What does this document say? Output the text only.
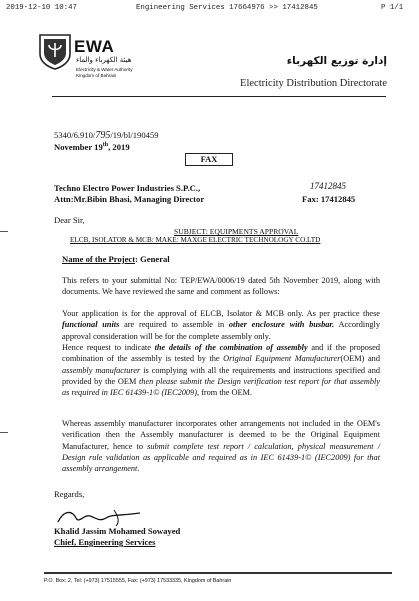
2019-12-10 10:47	Engineering Services 17664976 >> 17412845	P 1/1
EWA
هيئة الكهرباء والماء
Electricity & Water Authority
Kingdom of Bahrain
إدارة توزيع الكهرباء
Electricity Distribution Directorate
5340/6.910/795/19/bl/190459
November 19th, 2019
FAX
Techno Electro Power Industries S.P.C.,
Attn:Mr.Bibin Bhasi, Managing Director
17412845
Fax: 17412845
Dear Sir,
SUBJECT: EQUIPMENTS APPROVAL
ELCB, ISOLATOR & MCB: MAKE: MAXGE ELECTRIC TECHNOLOGY CO.LTD
Name of the Project: General

This refers to your submittal No: TEP/EWA/0006/19 dated 5th November 2019, along with documents. We have reviewed the same and comment as follows:

Your application is for the approval of ELCB, Isolator & MCB only. As per practice these functional units are required to assemble in other enclosure with busbar. Accordingly approval consideration will be for the complete assembly only.

Hence request to indicate the details of the combination of assembly and if the proposed combination of the assembly is tested by the Original Equipment Manufacturer(OEM) and assembly manufacturer is complying with all the requirements and instructions specified and provided by the OEM then please submit the Design verification test report for that assembly as required in IEC 61439-1© (IEC2009), from the OEM.

Whereas assembly manufacturer incorporates other arrangements not included in the OEM's verification then the Assembly manufacturer is deemed to be the Original Equipment Manufacturer, hence to submit complete test report / calculation, physical measurement / Design rule validation as applicable and required as in IEC 61439-1© (IEC2009) for that assembly arrangement.

Regards,
Khalid Jassim Mohamed Sowayed
Chief, Engineering Services
P.O. Box: 2, Tel: (+973) 17515555, Fax: (+973) 17533335, Kingdom of Bahrain
